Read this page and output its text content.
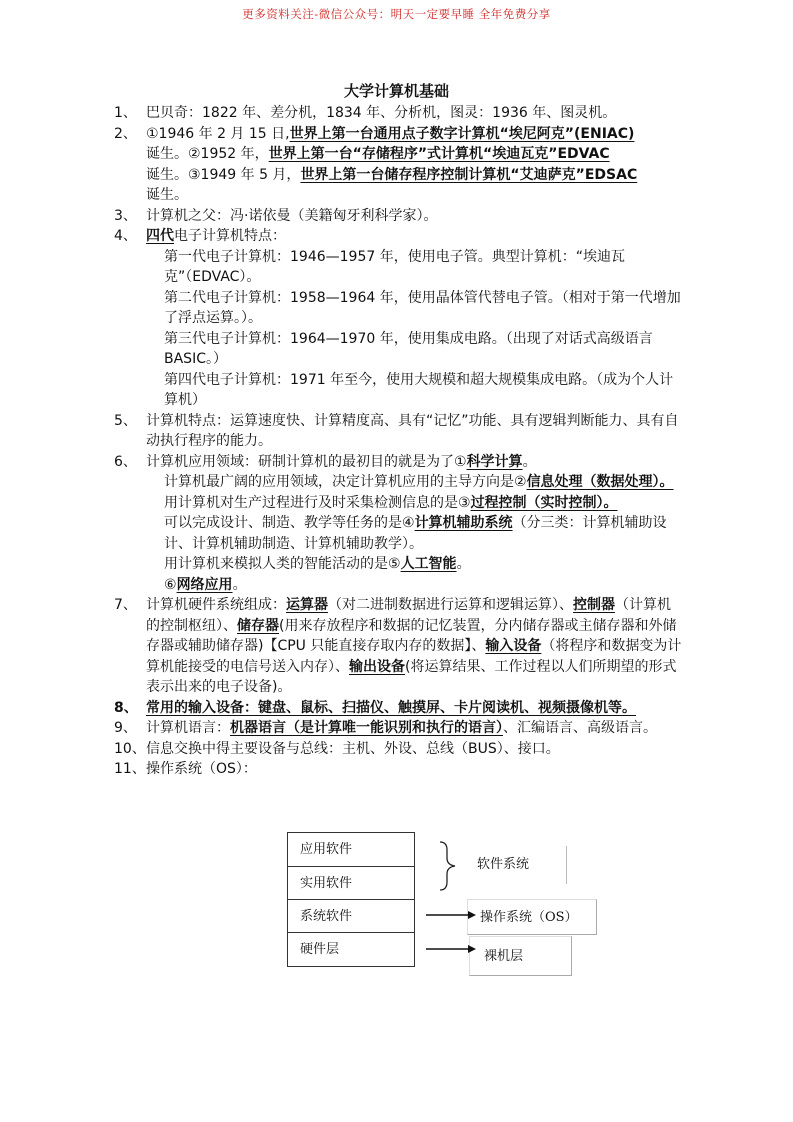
更多资料关注-微信公众号：明天一定要早睡 全年免费分享
大学计算机基础
1、 巴贝奇：1822 年、差分机，1834 年、分析机，图灵：1936 年、图灵机。
2、 ①1946 年 2 月 15 日,世界上第一台通用点子数字计算机“埃尼阿克”(ENIAC)
诞生。②1952 年，世界上第一台“存储程序”式计算机“埃迪瓦克”EDVAC
诞生。③1949 年 5 月，世界上第一台储存程序控制计算机“艾迪萨克”EDSAC
诞生。
3、 计算机之父：冯·诺依曼（美籍匈牙利科学家）。
4、 四代电子计算机特点：
第一代电子计算机：1946—1957 年，使用电子管。典型计算机：“埃迪瓦克”（EDVAC）。
第二代电子计算机：1958—1964 年，使用晶体管代替电子管。（相对于第一代增加了浮点运算。）。
第三代电子计算机：1964—1970 年，使用集成电路。（出现了对话式高级语言 BASIC。）
第四代电子计算机：1971 年至今，使用大规模和超大规模集成电路。（成为个人计算机）
5、 计算机特点：运算速度快、计算精度高、具有“记忆”功能、具有逻辑判断能力、具有自动执行程序的能力。
6、 计算机应用领域：研制计算机的最初目的就是为了①科学计算。
计算机最广阔的应用领域，决定计算机应用的主导方向是②信息处理（数据处理）。
用计算机对生产过程进行及时采集检测信息的是③过程控制（实时控制）。
可以完成设计、制造、教学等任务的是④计算机辅助系统（分三类：计算机辅助设计、计算机辅助制造、计算机辅助教学）。
用计算机来模拟人类的智能活动的是⑤人工智能。
⑥网络应用。
7、 计算机硬件系统组成：运算器（对二进制数据进行运算和逻辑运算）、控制器（计算机的控制枢纽）、储存器(用来存放程序和数据的记忆装置，分内储存器或主储存器和外储存器或辅助储存器)【CPU 只能直接存取内存的数据】、输入设备（将程序和数据变为计算机能接受的电信号送入内存）、输出设备(将运算结果、工作过程以人们所期望的形式表示出来的电子设备)。
8、 常用的输入设备：键盘、鼠标、扫描仪、触摸屏、卡片阅读机、视频摄像机等。
9、 计算机语言：机器语言（是计算唯一能识别和执行的语言）、汇编语言、高级语言。
10、 信息交换中得主要设备与总线：主机、外设、总线（BUS）、接口。
11、 操作系统（OS）：
应用软件
实用软件
系统软件
硬件层
软件系统
操作系统（OS）
裸机层
